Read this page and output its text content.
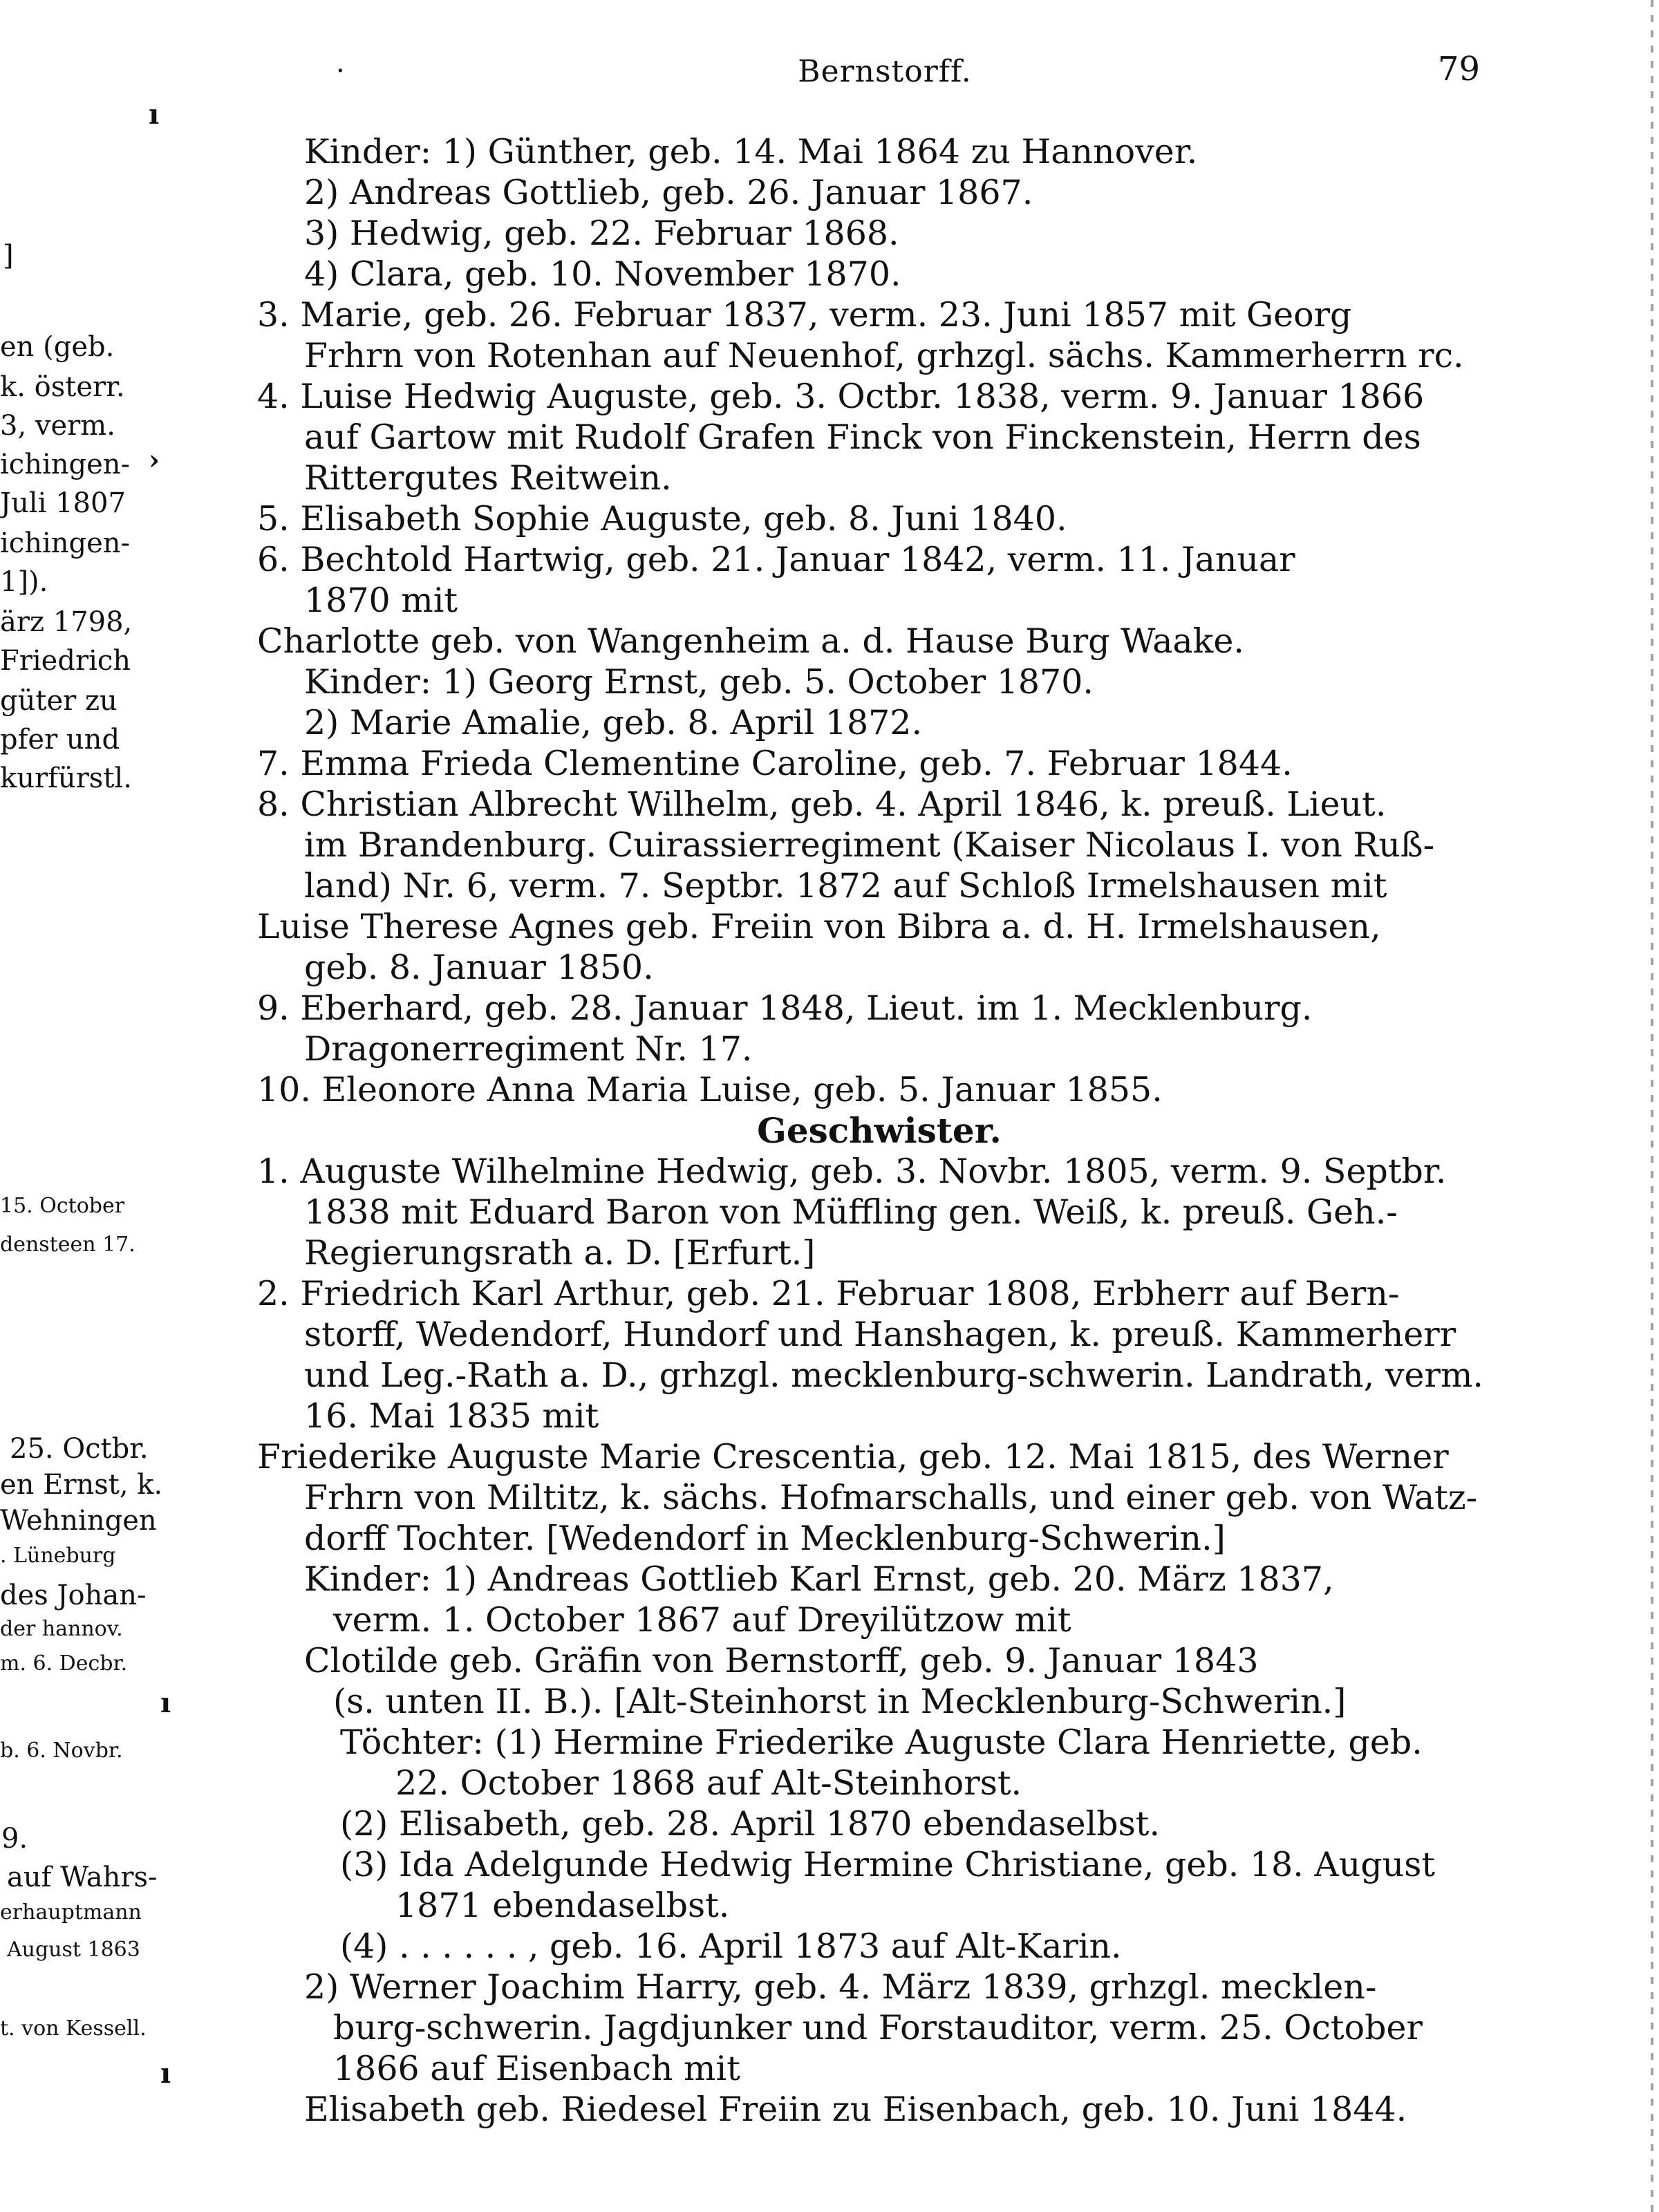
·	Bernstorff.	79
]
en (geb.
k. österr.
3, verm.
ichingen-
Juli 1807
ichingen-
1]).
ärz 1798,
Friedrich
güter zu
pfer und
kurfürstl.
15. October
densteen 17.
25. Octbr.
en Ernst, k.
Wehningen
. Lüneburg
des Johan-
der hannov.
m. 6. Decbr.
b. 6. Novbr.
9.
auf Wahrs-
erhauptmann
August 1863
t. von Kessell.
ı
›
ı
ı
Kinder: 1) Günther, geb. 14. Mai 1864 zu Hannover.
2) Andreas Gottlieb, geb. 26. Januar 1867.
3) Hedwig, geb. 22. Februar 1868.
4) Clara, geb. 10. November 1870.
3. Marie, geb. 26. Februar 1837, verm. 23. Juni 1857 mit Georg
Frhrn von Rotenhan auf Neuenhof, grhzgl. sächs. Kammerherrn rc.
4. Luise Hedwig Auguste, geb. 3. Octbr. 1838, verm. 9. Januar 1866
auf Gartow mit Rudolf Grafen Finck von Finckenstein, Herrn des
Rittergutes Reitwein.
5. Elisabeth Sophie Auguste, geb. 8. Juni 1840.
6. Bechtold Hartwig, geb. 21. Januar 1842, verm. 11. Januar
1870 mit
Charlotte geb. von Wangenheim a. d. Hause Burg Waake.
Kinder: 1) Georg Ernst, geb. 5. October 1870.
2) Marie Amalie, geb. 8. April 1872.
7. Emma Frieda Clementine Caroline, geb. 7. Februar 1844.
8. Christian Albrecht Wilhelm, geb. 4. April 1846, k. preuß. Lieut.
im Brandenburg. Cuirassierregiment (Kaiser Nicolaus I. von Ruß-
land) Nr. 6, verm. 7. Septbr. 1872 auf Schloß Irmelshausen mit
Luise Therese Agnes geb. Freiin von Bibra a. d. H. Irmelshausen,
geb. 8. Januar 1850.
9. Eberhard, geb. 28. Januar 1848, Lieut. im 1. Mecklenburg.
Dragonerregiment Nr. 17.
10. Eleonore Anna Maria Luise, geb. 5. Januar 1855.
Geschwister.
1. Auguste Wilhelmine Hedwig, geb. 3. Novbr. 1805, verm. 9. Septbr.
1838 mit Eduard Baron von Müffling gen. Weiß, k. preuß. Geh.-
Regierungsrath a. D. [Erfurt.]
2. Friedrich Karl Arthur, geb. 21. Februar 1808, Erbherr auf Bern-
storff, Wedendorf, Hundorf und Hanshagen, k. preuß. Kammerherr
und Leg.-Rath a. D., grhzgl. mecklenburg-schwerin. Landrath, verm.
16. Mai 1835 mit
Friederike Auguste Marie Crescentia, geb. 12. Mai 1815, des Werner
Frhrn von Miltitz, k. sächs. Hofmarschalls, und einer geb. von Watz-
dorff Tochter. [Wedendorf in Mecklenburg-Schwerin.]
Kinder: 1) Andreas Gottlieb Karl Ernst, geb. 20. März 1837,
verm. 1. October 1867 auf Dreyilützow mit
Clotilde geb. Gräfin von Bernstorff, geb. 9. Januar 1843
(s. unten II. B.). [Alt-Steinhorst in Mecklenburg-Schwerin.]
Töchter: (1) Hermine Friederike Auguste Clara Henriette, geb.
22. October 1868 auf Alt-Steinhorst.
(2) Elisabeth, geb. 28. April 1870 ebendaselbst.
(3) Ida Adelgunde Hedwig Hermine Christiane, geb. 18. August
1871 ebendaselbst.
(4) . . . . . . , geb. 16. April 1873 auf Alt-Karin.
2) Werner Joachim Harry, geb. 4. März 1839, grhzgl. mecklen-
burg-schwerin. Jagdjunker und Forstauditor, verm. 25. October
1866 auf Eisenbach mit
Elisabeth geb. Riedesel Freiin zu Eisenbach, geb. 10. Juni 1844.
